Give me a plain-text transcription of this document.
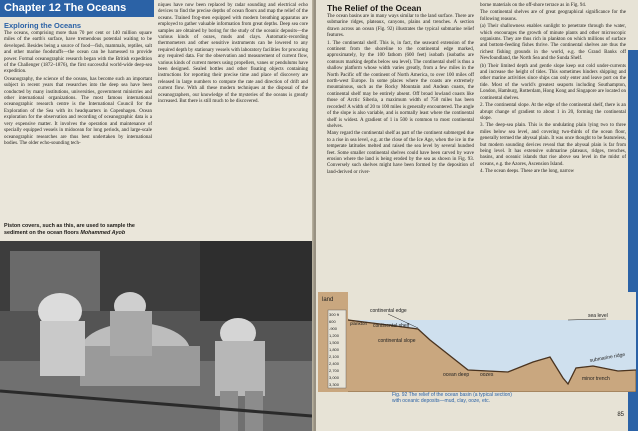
Chapter 12 The Oceans
Exploring the Oceans

The oceans, comprising more than 70 per cent or 140 million square miles of the earth's surface, have tremendous potential waiting to be developed. Besides being a source of food—fish, mammals, reptiles, salt and other marine foodstuffs—the ocean can be harnessed to provide power. Formal oceanographic research began with the British expedition of the Challenger (1872–1876), the first successful world-wide deep-sea expedition.

Oceanography, the science of the oceans, has become such an important subject in recent years that researches into the deep sea have been conducted by many institutions, universities, government ministries and other international organizations. The most famous international oceanographic research centre is the International Council for the Exploration of the Sea with its headquarters in Copenhagen. Ocean exploration for the observation and recording of oceanographic data is a very expensive matter. It involves the operation and maintenance of specially equipped vessels in midocean for long periods, and large-scale oceanographic researches are thus best undertaken by international bodies. The older echo-sounding tech-

niques have now been replaced by radar sounding and electrical echo devices to find the precise depths of ocean floors and map the relief of the oceans. Trained frog-men equipped with modern breathing apparatus are employed to gather valuable information from great depths. Deep sea core samples are obtained by boring for the study of the oceanic deposits—the various kinds of oozes, muds and clays. Automatic-recording thermometers and other sensitive instruments can be lowered to any required depth by stationary vessels with laboratory facilities for procuring any required data. For the observation and measurement of current flow, various kinds of current meters using propellers, vanes or pendulums have been designed. Sealed bottles and other floating objects containing instructions for reporting their precise time and place of discovery are released in large numbers to compute the rate and direction of drift and current flow. With all these modern techniques at the disposal of the oceanographers, our knowledge of the mysteries of the oceans is greatly increased. But there is still much to be discovered.

Piston covers, such as this, are used to sample the sediment on the ocean floors Mohammed Ayob
The Relief of the Ocean

The ocean basins are in many ways similar to the land surface. There are submarine ridges, plateaux, canyons, plains and trenches. A section drawn across an ocean (Fig. 92) illustrates the typical submarine relief features.

1. The continental shelf. This is, in fact, the seaward extension of the continent from the shoreline to the continental edge marked, approximately, by the 100 fathom (600 feet) isobath (isobaths are contours marking depths below sea level). The continental shelf is thus a shallow platform whose width varies greatly, from a few miles in the North Pacific off the continent of North America, to over 100 miles off north-west Europe. In some places where the coasts are extremely mountainous, such as the Rocky Mountain and Andean coasts, the continental shelf may be entirely absent. Off broad lowland coasts like those of Arctic Siberia, a maximum width of 750 miles has been recorded! A width of 20 to 100 miles is generally encountered. The angle of the slope is also variable, and is normally least where the continental shelf is widest. A gradient of 1 in 500 is common to most continental shelves.

Many regard the continental shelf as part of the continent submerged due to a rise in sea level, e.g. at the close of the Ice Age, when the ice in the temperate latitudes melted and raised the sea level by several hundred feet. Some smaller continental shelves could have been carved by wave erosion where the land is being eroded by the sea as shown in Fig. 93. Conversely such shelves might have been formed by the deposition of land-derived or river-

borne materials on the off-shore terrace as in Fig. 94.

The continental shelves are of great geographical significance for the following reasons.

(a) Their shallowness enables sunlight to penetrate through the water, which encourages the growth of minute plants and other microscopic organisms. They are thus rich in plankton on which millions of surface and bottom-feeding fishes thrive. The continental shelves are thus the richest fishing grounds in the world, e.g. the Grand Banks off Newfoundland, the North Sea and the Sunda Shelf.

(b) Their limited depth and gentle slope keep out cold under-currents and increase the height of tides. This sometimes hinders shipping and other marine activities since ships can only enter and leave port on the tide. Most of the world's greatest seaports including Southampton, London, Hamburg, Rotterdam, Hong Kong and Singapore are located on continental shelves.

2. The continental slope. At the edge of the continental shelf, there is an abrupt change of gradient to about 1 in 20, forming the continental slope.

3. The deep-sea plain. This is the undulating plain lying two to three miles below sea level, and covering two-thirds of the ocean floor, generally termed the abyssal plain. It was once thought to be featureless, but modern sounding devices reveal that the abyssal plain is far from being level. It has extensive submarine plateaux, ridges, trenches, basins, and oceanic islands that rise above sea level in the midst of oceans, e.g. the Azores, Ascension Island.

4. The ocean deeps. These are the long, narrow

land
300 ft
600
-900
1,200
1,500
1,800
2,100
2,400
2,700
3,000
3,300
continental edge
plankton continental shelf
continental slope
sea level
submarine ridge
minor trench
ocean deep oozes
Fig. 92 The relief of the ocean basin (a typical section) with oceanic deposits—mud, clay, ooze, etc.
85
